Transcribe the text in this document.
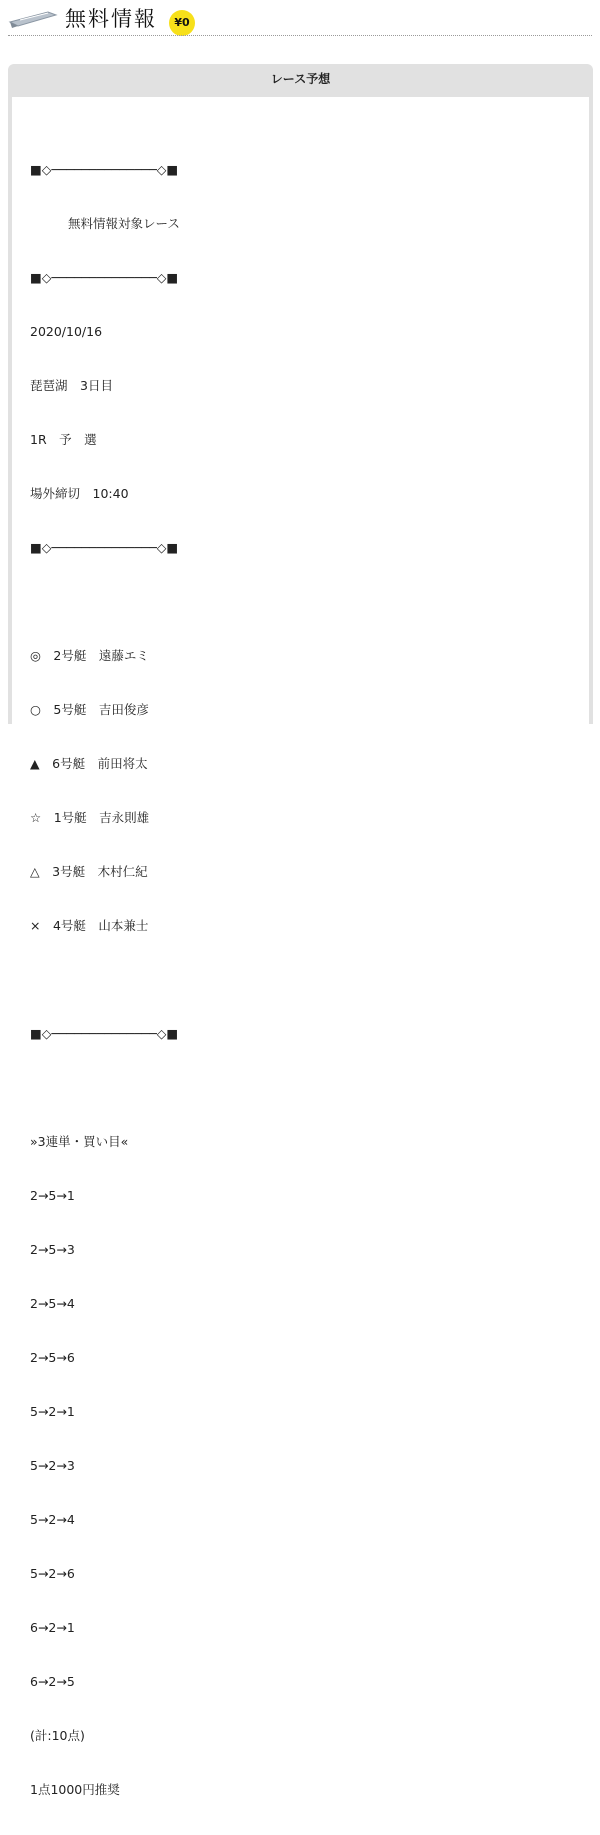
無料情報	¥0
レース予想

■◇──────────────◇■

無料情報対象レース

■◇──────────────◇■

2020/10/16

琵琶湖　3日目

1R　予　選

場外締切　10:40

■◇──────────────◇■

◎　2号艇　遠藤エミ

○　5号艇　吉田俊彦

▲　6号艇　前田将太

☆　1号艇　吉永則雄

△　3号艇　木村仁紀

×　4号艇　山本兼士

■◇──────────────◇■

»3連単・買い目«

2→5→1

2→5→3

2→5→4

2→5→6

5→2→1

5→2→3

5→2→4

5→2→6

6→2→1

6→2→5

(計:10点)

1点1000円推奨
